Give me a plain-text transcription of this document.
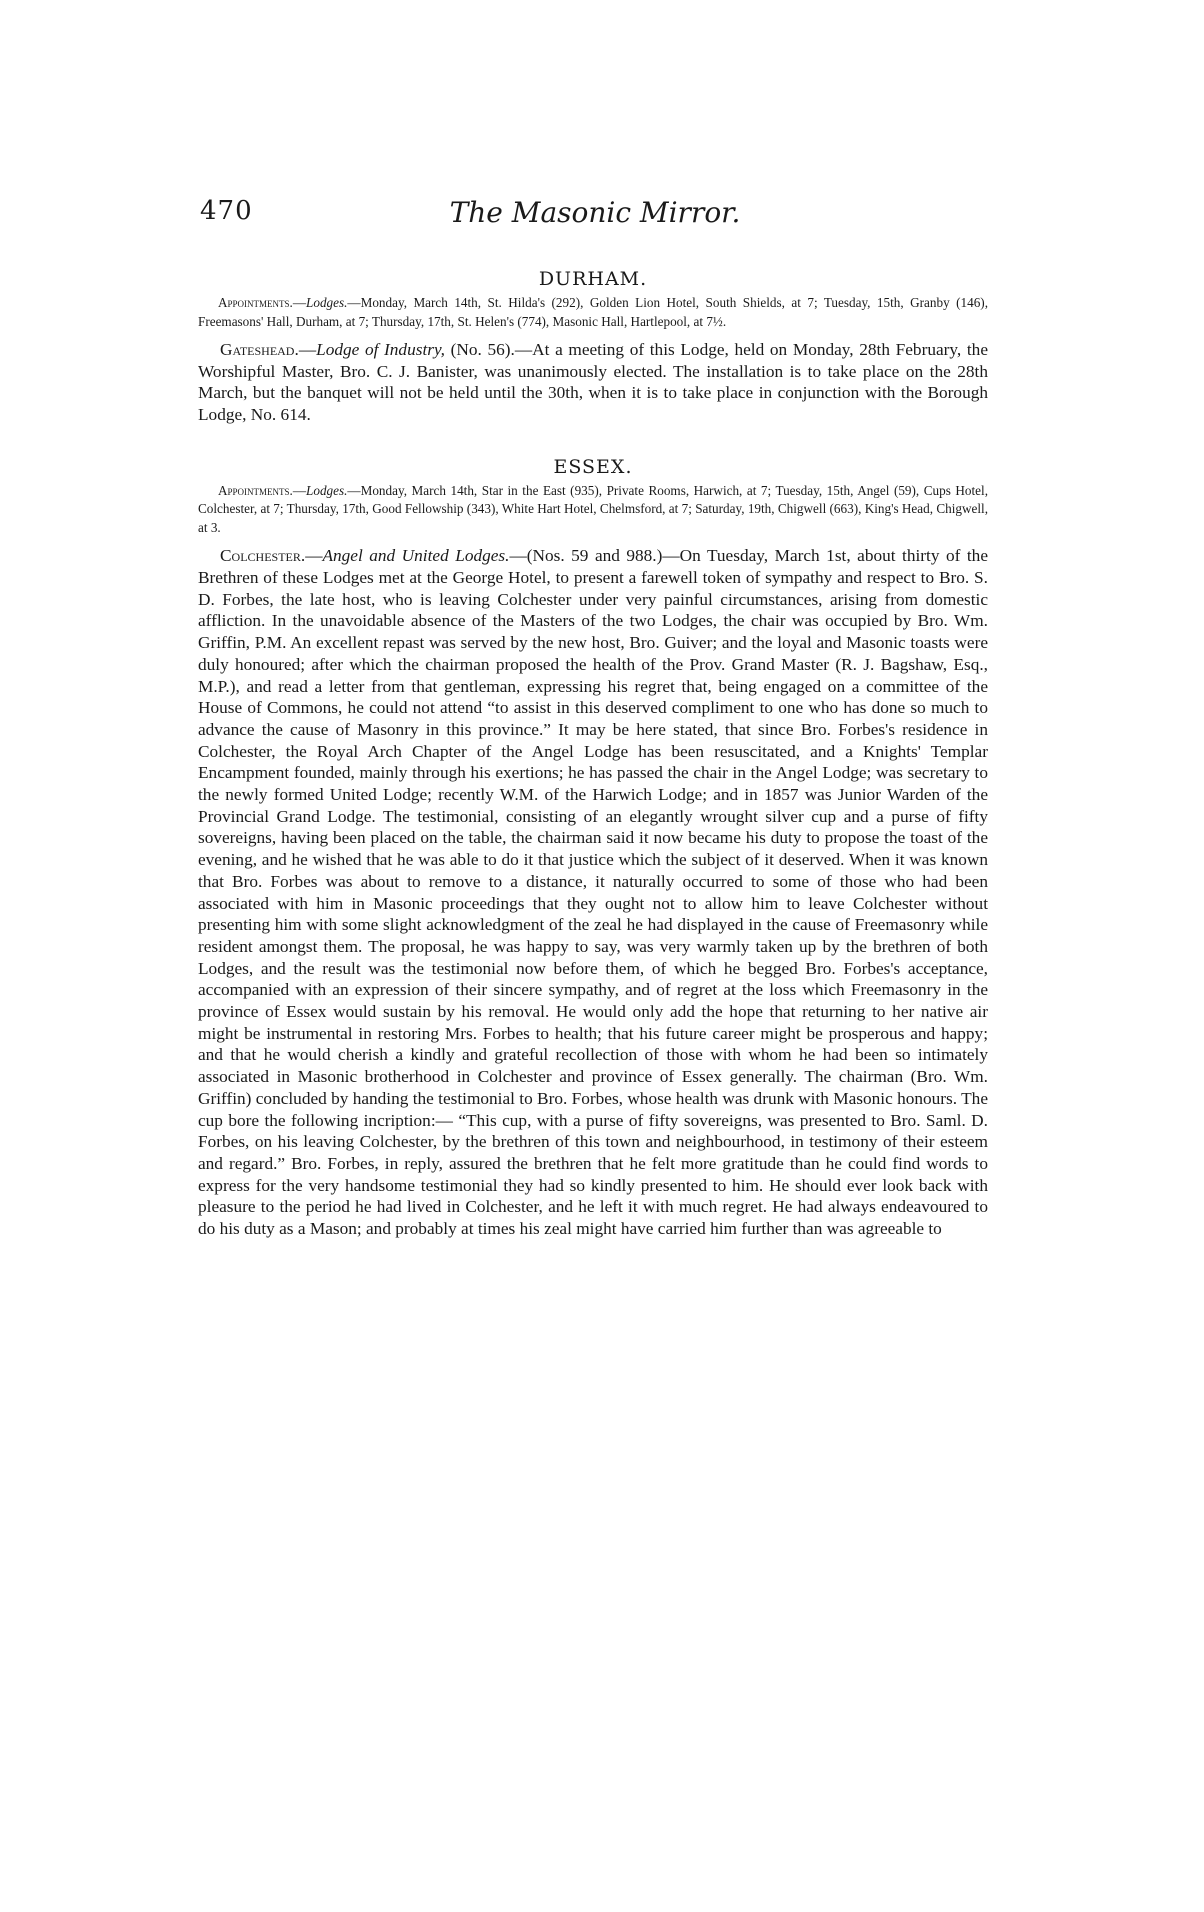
470	The Masonic Mirror.
DURHAM.

Appointments.—Lodges.—Monday, March 14th, St. Hilda's (292), Golden Lion Hotel, South Shields, at 7; Tuesday, 15th, Granby (146), Freemasons' Hall, Durham, at 7; Thursday, 17th, St. Helen's (774), Masonic Hall, Hartlepool, at 7½.

Gateshead.—Lodge of Industry, (No. 56).—At a meeting of this Lodge, held on Monday, 28th February, the Worshipful Master, Bro. C. J. Banister, was unanimously elected. The installation is to take place on the 28th March, but the banquet will not be held until the 30th, when it is to take place in conjunction with the Borough Lodge, No. 614.

ESSEX.

Appointments.—Lodges.—Monday, March 14th, Star in the East (935), Private Rooms, Harwich, at 7; Tuesday, 15th, Angel (59), Cups Hotel, Colchester, at 7; Thursday, 17th, Good Fellowship (343), White Hart Hotel, Chelmsford, at 7; Saturday, 19th, Chigwell (663), King's Head, Chigwell, at 3.

Colchester.—Angel and United Lodges.—(Nos. 59 and 988.)—On Tuesday, March 1st, about thirty of the Brethren of these Lodges met at the George Hotel, to present a farewell token of sympathy and respect to Bro. S. D. Forbes, the late host, who is leaving Colchester under very painful circumstances, arising from domestic affliction. In the unavoidable absence of the Masters of the two Lodges, the chair was occupied by Bro. Wm. Griffin, P.M. An excellent repast was served by the new host, Bro. Guiver; and the loyal and Masonic toasts were duly honoured; after which the chairman proposed the health of the Prov. Grand Master (R. J. Bagshaw, Esq., M.P.), and read a letter from that gentleman, expressing his regret that, being engaged on a committee of the House of Commons, he could not attend “to assist in this deserved compliment to one who has done so much to advance the cause of Masonry in this province.” It may be here stated, that since Bro. Forbes's residence in Colchester, the Royal Arch Chapter of the Angel Lodge has been resuscitated, and a Knights' Templar Encampment founded, mainly through his exertions; he has passed the chair in the Angel Lodge; was secretary to the newly formed United Lodge; recently W.M. of the Harwich Lodge; and in 1857 was Junior Warden of the Provincial Grand Lodge. The testimonial, consisting of an elegantly wrought silver cup and a purse of fifty sovereigns, having been placed on the table, the chairman said it now became his duty to propose the toast of the evening, and he wished that he was able to do it that justice which the subject of it deserved. When it was known that Bro. Forbes was about to remove to a distance, it naturally occurred to some of those who had been associated with him in Masonic proceedings that they ought not to allow him to leave Colchester without presenting him with some slight acknowledgment of the zeal he had displayed in the cause of Freemasonry while resident amongst them. The proposal, he was happy to say, was very warmly taken up by the brethren of both Lodges, and the result was the testimonial now before them, of which he begged Bro. Forbes's acceptance, accompanied with an expression of their sincere sympathy, and of regret at the loss which Freemasonry in the province of Essex would sustain by his removal. He would only add the hope that returning to her native air might be instrumental in restoring Mrs. Forbes to health; that his future career might be prosperous and happy; and that he would cherish a kindly and grateful recollection of those with whom he had been so intimately associated in Masonic brotherhood in Colchester and province of Essex generally. The chairman (Bro. Wm. Griffin) concluded by handing the testimonial to Bro. Forbes, whose health was drunk with Masonic honours. The cup bore the following incription:— “This cup, with a purse of fifty sovereigns, was presented to Bro. Saml. D. Forbes, on his leaving Colchester, by the brethren of this town and neighbourhood, in testimony of their esteem and regard.” Bro. Forbes, in reply, assured the brethren that he felt more gratitude than he could find words to express for the very handsome testimonial they had so kindly presented to him. He should ever look back with pleasure to the period he had lived in Colchester, and he left it with much regret. He had always endeavoured to do his duty as a Mason; and probably at times his zeal might have carried him further than was agreeable to
